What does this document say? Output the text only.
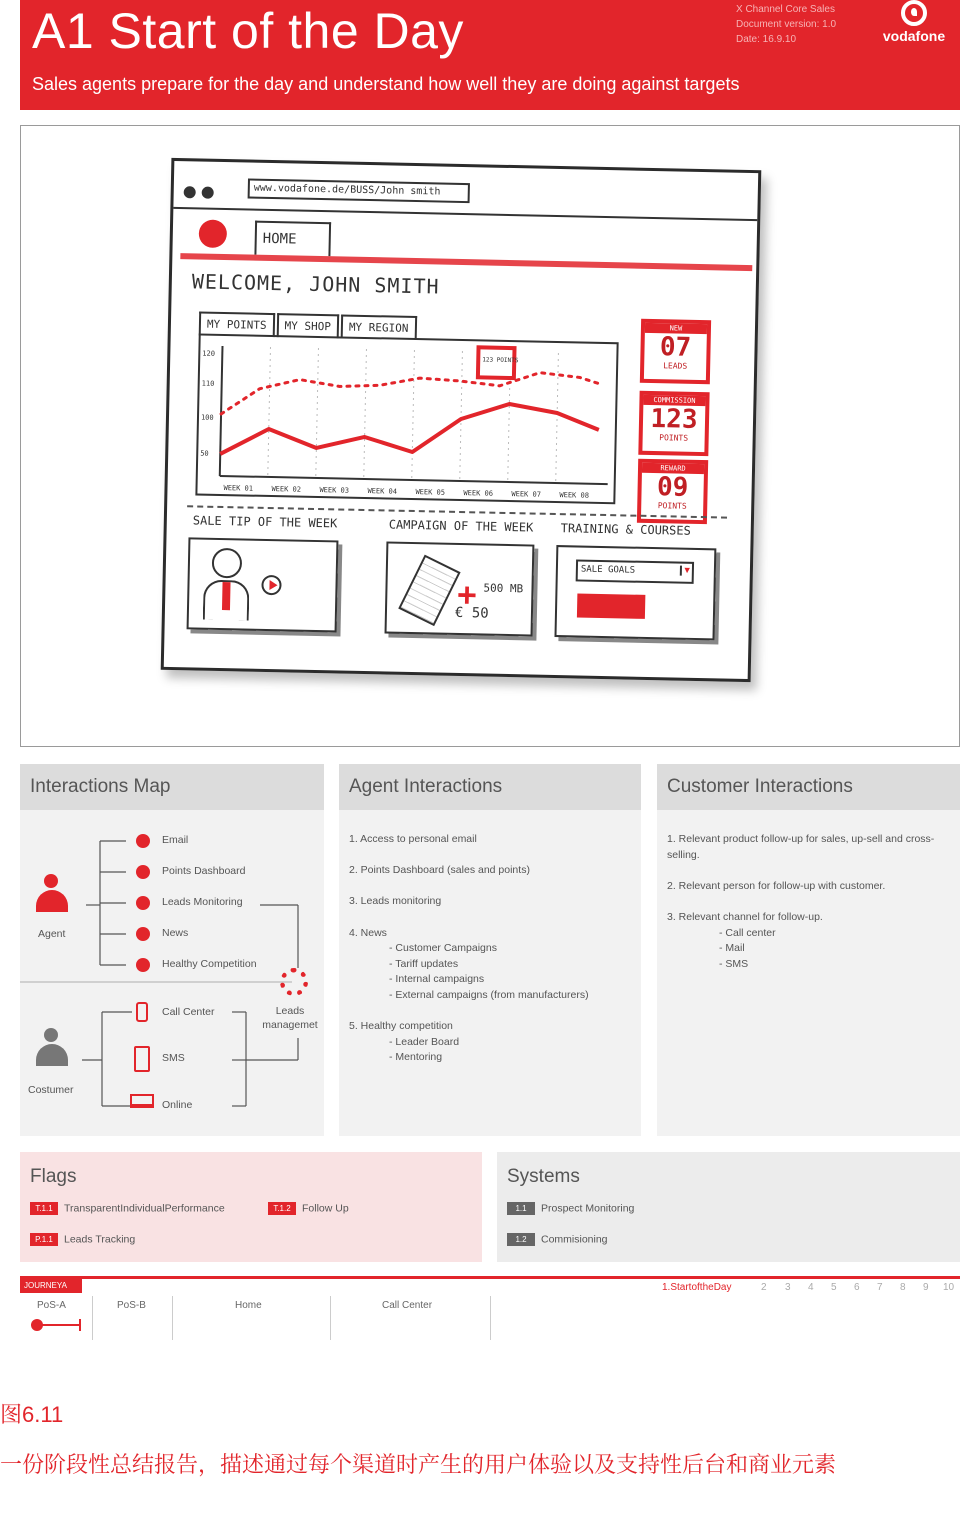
A1 Start of the Day
Sales agents prepare for the day and understand how well they are doing against targets
X Channel Core Sales
Document version: 1.0
Date: 16.9.10	vodafone
www.vodafone.de/BUSS/John smith
HOME
WELCOME, JOHN SMITH
MY POINTS	MY SHOP	MY REGION
120
110
100
50
WEEK 01	WEEK 02	WEEK 03	WEEK 04	WEEK 05	WEEK 06	WEEK 07	WEEK 08
123 POINTS
NEW
07
LEADS
COMMISSION
123
POINTS
REWARD
09
POINTS
SALE TIP OF THE WEEK	CAMPAIGN OF THE WEEK TRAINING & COURSES
+ 500 MB
€ 50
SALE GOALS ▼
Interactions Map
Agent
Email
Points Dashboard
Leads Monitoring
News
Healthy Competition
Leads managemet
Costumer
Call Center
SMS
Online
Agent Interactions
1. Access to personal email
2. Points Dashboard (sales and points)
3. Leads monitoring
4. News
- Customer Campaigns
- Tariff updates
- Internal campaigns
- External campaigns (from manufacturers)
5. Healthy competition
- Leader Board
- Mentoring
Customer Interactions
1. Relevant product follow-up for sales, up-sell and cross-selling.
2. Relevant person for follow-up with customer.
3. Relevant channel for follow-up.
- Call center
- Mail
- SMS
Flags
T.1.1 TransparentIndividualPerformance	T.1.2 Follow Up
P.1.1 Leads Tracking
Systems
1.1 Prospect Monitoring
1.2 Commisioning
JOURNEYA
PoS-A	PoS-B	Home	Call Center
1.StartoftheDay	2 3 4 5 6 7 8 9 10
图6.11
一份阶段性总结报告，描述通过每个渠道时产生的用户体验以及支持性后台和商业元素
